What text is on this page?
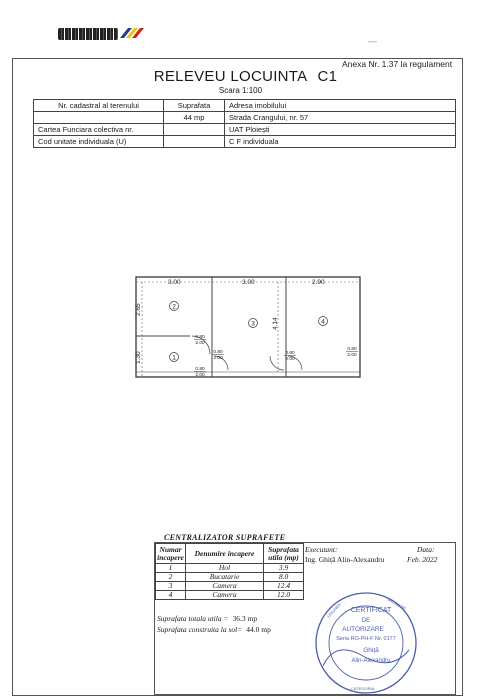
—
Anexa Nr. 1.37 la regulament
RELEVEU LOCUINTA C1
Scara 1:100
Nr. cadastral al terenului	Suprafata	Adresa imobilului
	44 mp	Strada Crangului, nr. 57
Cartea Funciara colectiva nr.		UAT Ploiești
Cod unitate individuala (U)		C F individuala
3.00	3.00	2.90
2.65
1.30
4.14
2
1
3	4
0.80
2.00
0.80
2.00
0.80
2.00
0.80
2.00
0.80
2.00
CENTRALIZATOR SUPRAFETE
Numar incapere	Denumire incapere	Suprafata utila (mp)
1	Hol	3.9
2	Bucatarie	8.0
3	Camera	12.4
4	Camera	12.0
Executant:
Ing. Ghiță Alin-Alexandru
Data:
Feb. 2022
Suprafata totala utila = 36.3 mp
Suprafata construita la sol= 44.0 mp
CERTIFICAT
DE
AUTORIZARE
Seria RO-PH-F Nr. 0177
Ghiță
Alin-Alexandru
UNIUNEA	GEODEZIE
CATEGORIA
